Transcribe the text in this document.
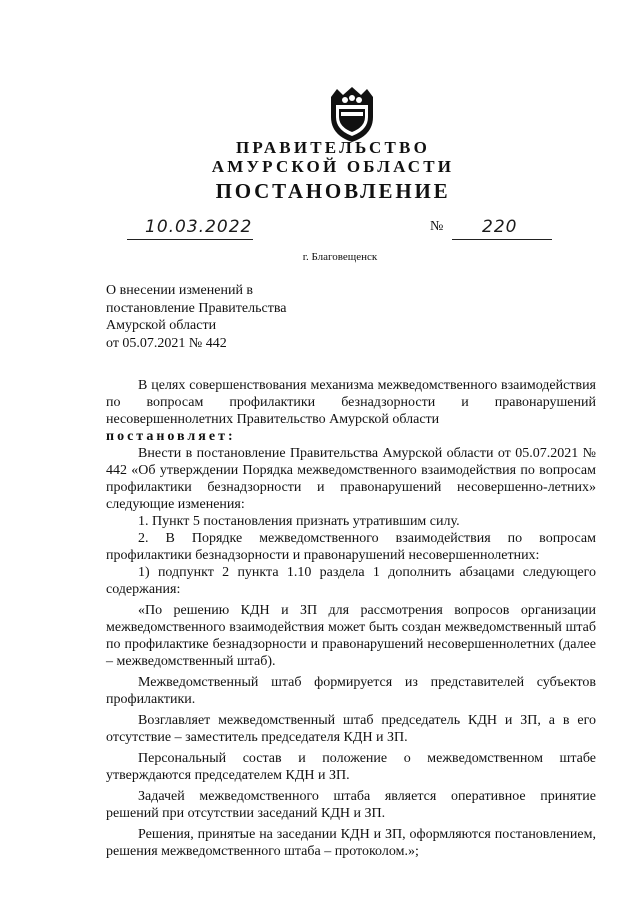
ПРАВИТЕЛЬСТВО
АМУРСКОЙ ОБЛАСТИ
ПОСТАНОВЛЕНИЕ
10.03.2022	№ 220
г. Благовещенск
О внесении изменений в
постановление Правительства
Амурской области
от 05.07.2021 № 442

В целях совершенствования механизма межведомственного взаимодействия по вопросам профилактики безнадзорности и правонарушений несовершеннолетних Правительство Амурской области

постановляет:

Внести в постановление Правительства Амурской области от 05.07.2021 № 442 «Об утверждении Порядка межведомственного взаимодействия по вопросам профилактики безнадзорности и правонарушений несовершенно-летних» следующие изменения:

1. Пункт 5 постановления признать утратившим силу.

2. В Порядке межведомственного взаимодействия по вопросам профилактики безнадзорности и правонарушений несовершеннолетних:

1) подпункт 2 пункта 1.10 раздела 1 дополнить абзацами следующего содержания:

«По решению КДН и ЗП для рассмотрения вопросов организации межведомственного взаимодействия может быть создан межведомственный штаб по профилактике безнадзорности и правонарушений несовершеннолетних (далее – межведомственный штаб).

Межведомственный штаб формируется из представителей субъектов профилактики.

Возглавляет межведомственный штаб председатель КДН и ЗП, а в его отсутствие – заместитель председателя КДН и ЗП.

Персональный состав и положение о межведомственном штабе утверждаются председателем КДН и ЗП.

Задачей межведомственного штаба является оперативное принятие решений при отсутствии заседаний КДН и ЗП.

Решения, принятые на заседании КДН и ЗП, оформляются постановлением, решения межведомственного штаба – протоколом.»;
